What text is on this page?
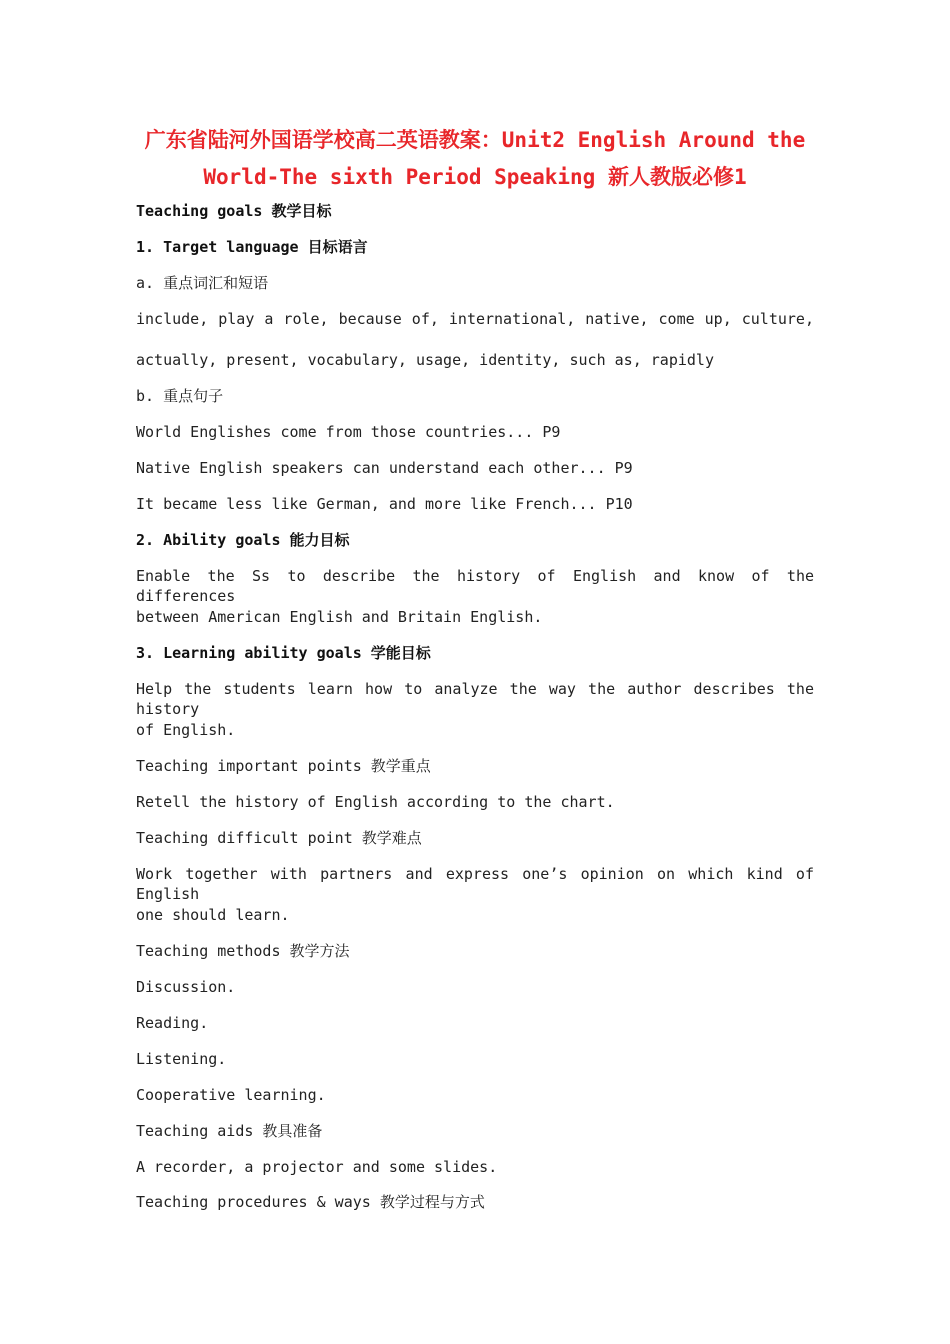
广东省陆河外国语学校高二英语教案：Unit2 English Around the
World-The sixth Period Speaking 新人教版必修1

Teaching goals 教学目标

1. Target language 目标语言

a. 重点词汇和短语

include, play a role, because of, international, native, come up, culture,

actually, present, vocabulary, usage, identity, such as, rapidly

b. 重点句子

World Englishes come from those countries... P9

Native English speakers can understand each other... P9

It became less like German, and more like French... P10

2. Ability goals 能力目标

Enable the Ss to describe the history of English and know of the differences

between American English and Britain English.

3. Learning ability goals 学能目标

Help the students learn how to analyze the way the author describes the history

of English.

Teaching important points 教学重点

Retell the history of English according to the chart.

Teaching difficult point 教学难点

Work together with partners and express one’s opinion on which kind of English

one should learn.

Teaching methods 教学方法

Discussion.

Reading.

Listening.

Cooperative learning.

Teaching aids 教具准备

A recorder, a projector and some slides.

Teaching procedures & ways 教学过程与方式
